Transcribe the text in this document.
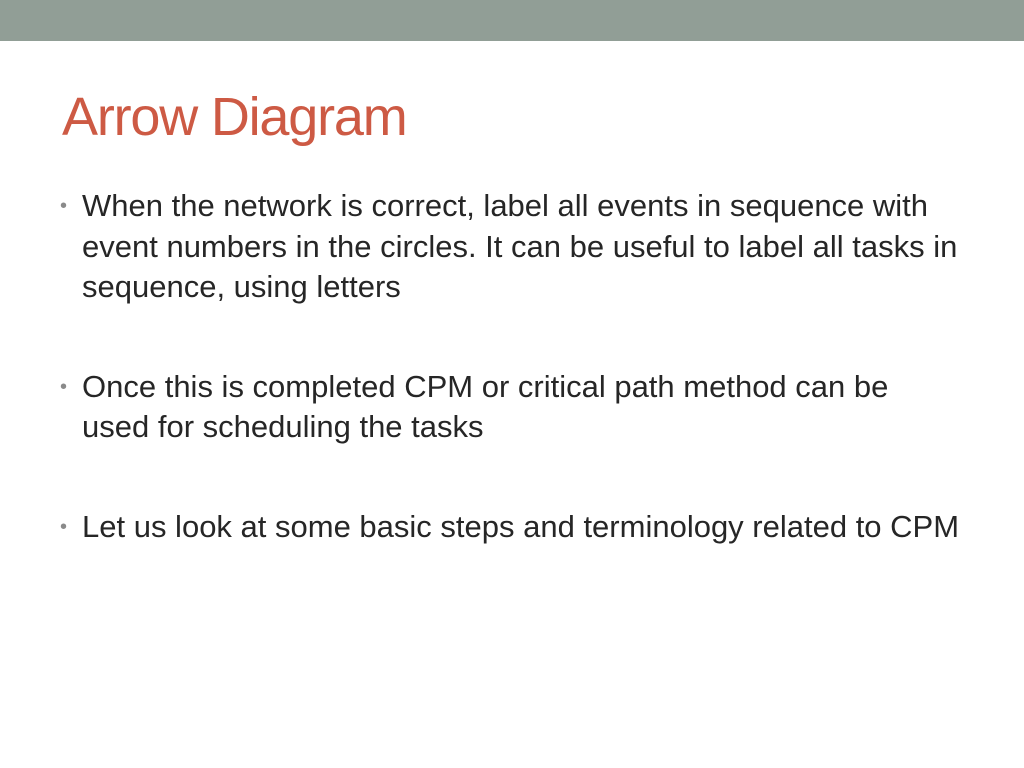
Arrow Diagram
• When the network is correct, label all events in sequence with event numbers in the circles. It can be useful to label all tasks in sequence, using letters
• Once this is completed CPM or critical path method can be used for scheduling the tasks
• Let us look at some basic steps and terminology related to CPM
